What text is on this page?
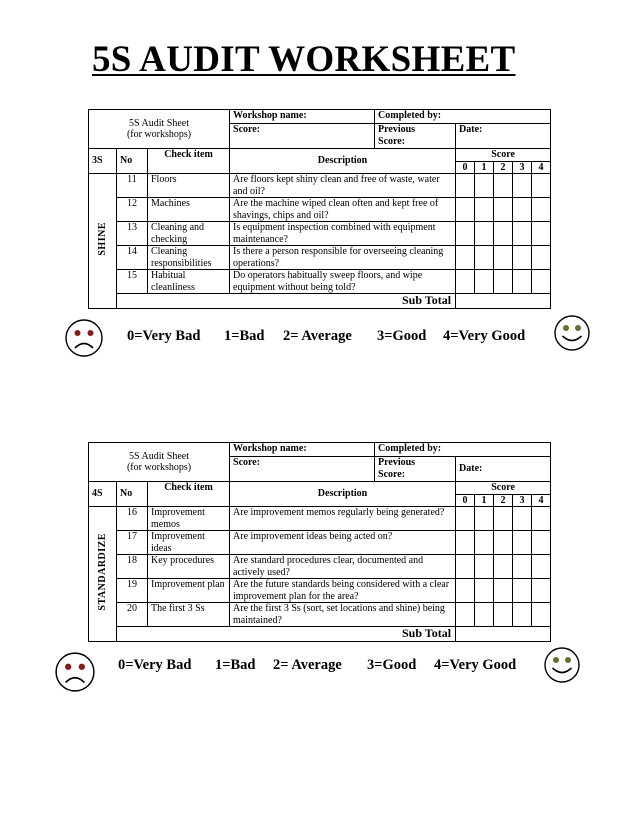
5S AUDIT WORKSHEET
5S Audit Sheet
(for workshops)			Workshop name:	Completed by:					
			Score:	Previous
Score:	Date:				

3S	No	Check item	Description		Score				
					0	1	2	3	4
SHINE	11	Floors	Are floors kept shiny clean and free of waste, water and oil?						
	12	Machines	Are the machine wiped clean often and kept free of shavings, chips and oil?						
	13	Cleaning and checking	Is equipment inspection combined with equipment maintenance?						
	14	Cleaning responsibilities	Is there a person responsible for overseeing cleaning operations?						
	15	Habitual cleanliness	Do operators habitually sweep floors, and wipe equipment without being told?						
	Sub Total								
0=Very Bad 1=Bad 2= Average 3=Good 4=Very Good
5S Audit Sheet
(for workshops)			Workshop name:	Completed by:					
			Score:	Previous
Score:	Date:				

4S	No	Check item	Description		Score				
					0	1	2	3	4
STANDARDIZE	16	Improvement memos	Are improvement memos regularly being generated?						
	17	Improvement ideas	Are improvement ideas being acted on?						
	18	Key procedures	Are standard procedures clear, documented and actively used?						
	19	Improvement plan	Are the future standards being considered with a clear improvement plan for the area?						
	20	The first 3 Ss	Are the first 3 Ss (sort, set locations and shine) being maintained?						
	Sub Total								
0=Very Bad 1=Bad 2= Average 3=Good 4=Very Good
